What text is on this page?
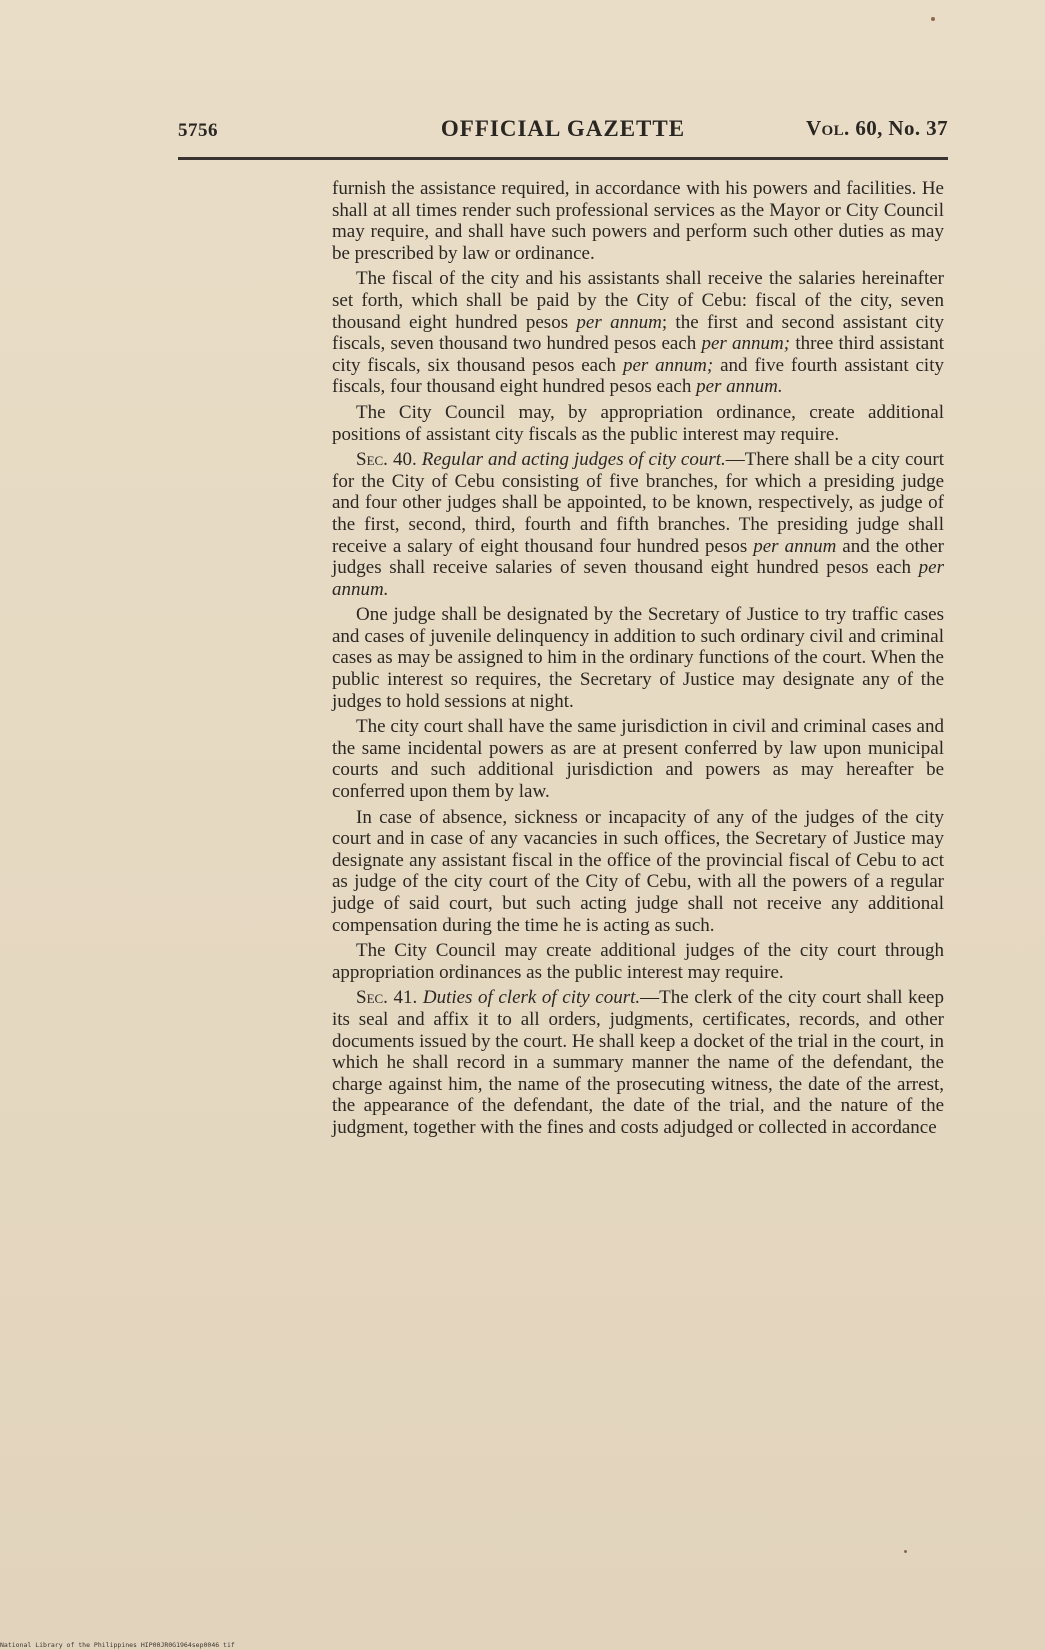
5756	OFFICIAL GAZETTE	Vol. 60, No. 37

furnish the assistance required, in accordance with his powers and facilities. He shall at all times render such professional services as the Mayor or City Council may require, and shall have such powers and perform such other duties as may be prescribed by law or ordinance.

The fiscal of the city and his assistants shall receive the salaries hereinafter set forth, which shall be paid by the City of Cebu: fiscal of the city, seven thousand eight hundred pesos per annum; the first and second assistant city fiscals, seven thousand two hundred pesos each per annum; three third assistant city fiscals, six thousand pesos each per annum; and five fourth assistant city fiscals, four thousand eight hundred pesos each per annum.

The City Council may, by appropriation ordinance, create additional positions of assistant city fiscals as the public interest may require.

Sec. 40. Regular and acting judges of city court.—There shall be a city court for the City of Cebu consisting of five branches, for which a presiding judge and four other judges shall be appointed, to be known, respectively, as judge of the first, second, third, fourth and fifth branches. The presiding judge shall receive a salary of eight thousand four hundred pesos per annum and the other judges shall receive salaries of seven thousand eight hundred pesos each per annum.

One judge shall be designated by the Secretary of Justice to try traffic cases and cases of juvenile delinquency in addition to such ordinary civil and criminal cases as may be assigned to him in the ordinary functions of the court. When the public interest so requires, the Secretary of Justice may designate any of the judges to hold sessions at night.

The city court shall have the same jurisdiction in civil and criminal cases and the same incidental powers as are at present conferred by law upon municipal courts and such additional jurisdiction and powers as may hereafter be conferred upon them by law.

In case of absence, sickness or incapacity of any of the judges of the city court and in case of any vacancies in such offices, the Secretary of Justice may designate any assistant fiscal in the office of the provincial fiscal of Cebu to act as judge of the city court of the City of Cebu, with all the powers of a regular judge of said court, but such acting judge shall not receive any additional compensation during the time he is acting as such.

The City Council may create additional judges of the city court through appropriation ordinances as the public interest may require.

Sec. 41. Duties of clerk of city court.—The clerk of the city court shall keep its seal and affix it to all orders, judgments, certificates, records, and other documents issued by the court. He shall keep a docket of the trial in the court, in which he shall record in a summary manner the name of the defendant, the charge against him, the name of the prosecuting witness, the date of the arrest, the appearance of the defendant, the date of the trial, and the nature of the judgment, together with the fines and costs adjudged or collected in accordance

National Library of the Philippines HIP00JR0G1964sep0046 tif
